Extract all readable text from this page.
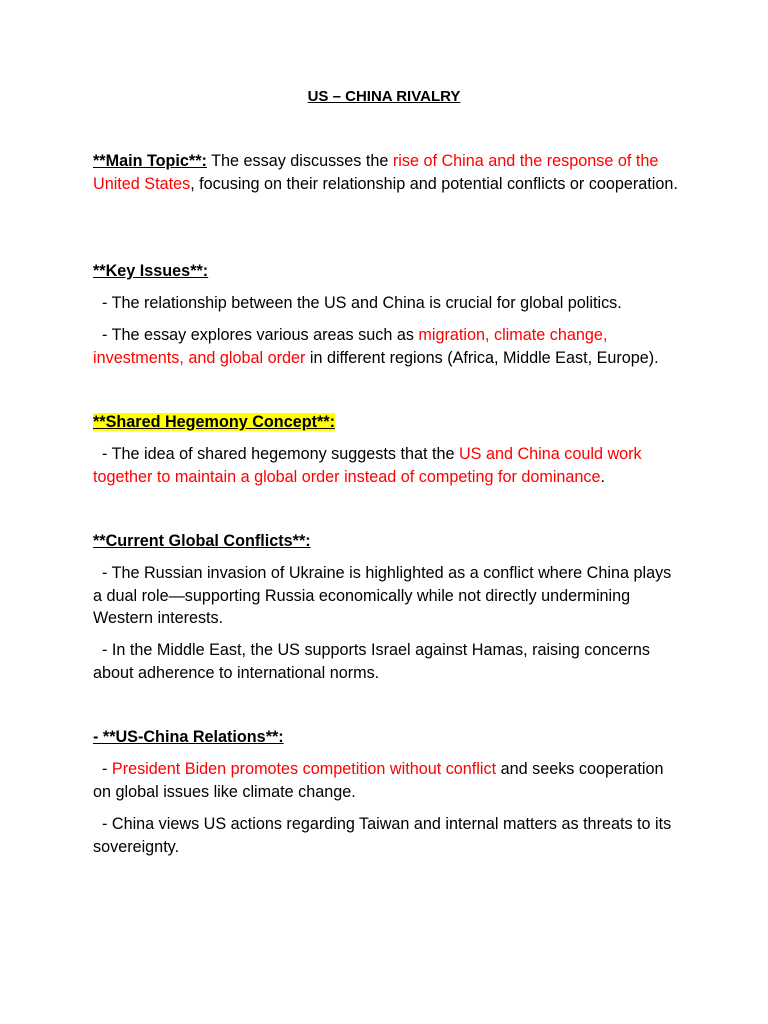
US – CHINA RIVALRY

**Main Topic**: The essay discusses the rise of China and the response of the United States, focusing on their relationship and potential conflicts or cooperation.

**Key Issues**:

- The relationship between the US and China is crucial for global politics.
- The essay explores various areas such as migration, climate change, investments, and global order in different regions (Africa, Middle East, Europe).

**Shared Hegemony Concept**:

- The idea of shared hegemony suggests that the US and China could work together to maintain a global order instead of competing for dominance.

**Current Global Conflicts**:

- The Russian invasion of Ukraine is highlighted as a conflict where China plays a dual role—supporting Russia economically while not directly undermining Western interests.
- In the Middle East, the US supports Israel against Hamas, raising concerns about adherence to international norms.

- **US-China Relations**:

- President Biden promotes competition without conflict and seeks cooperation on global issues like climate change.
- China views US actions regarding Taiwan and internal matters as threats to its sovereignty.
